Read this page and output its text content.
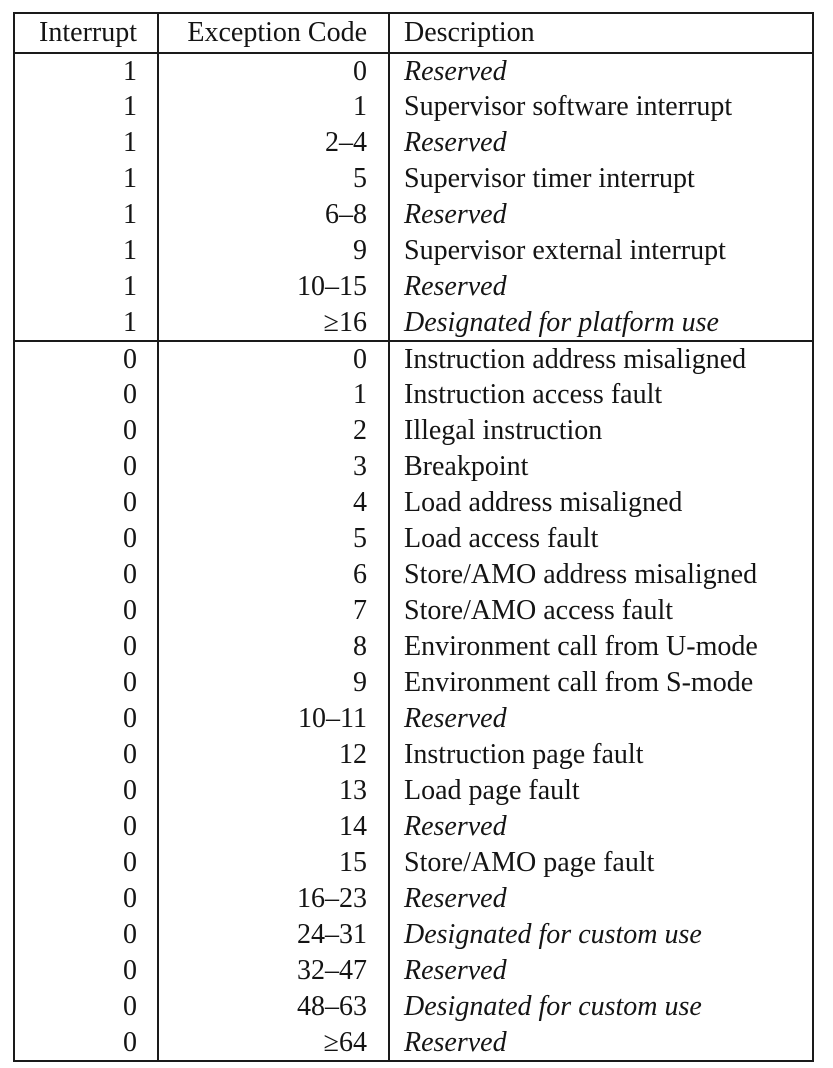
Interrupt	Exception Code	Description
1	0	Reserved
1	1	Supervisor software interrupt
1	2–4	Reserved
1	5	Supervisor timer interrupt
1	6–8	Reserved
1	9	Supervisor external interrupt
1	10–15	Reserved
1	≥16	Designated for platform use
0	0	Instruction address misaligned
0	1	Instruction access fault
0	2	Illegal instruction
0	3	Breakpoint
0	4	Load address misaligned
0	5	Load access fault
0	6	Store/AMO address misaligned
0	7	Store/AMO access fault
0	8	Environment call from U-mode
0	9	Environment call from S-mode
0	10–11	Reserved
0	12	Instruction page fault
0	13	Load page fault
0	14	Reserved
0	15	Store/AMO page fault
0	16–23	Reserved
0	24–31	Designated for custom use
0	32–47	Reserved
0	48–63	Designated for custom use
0	≥64	Reserved
